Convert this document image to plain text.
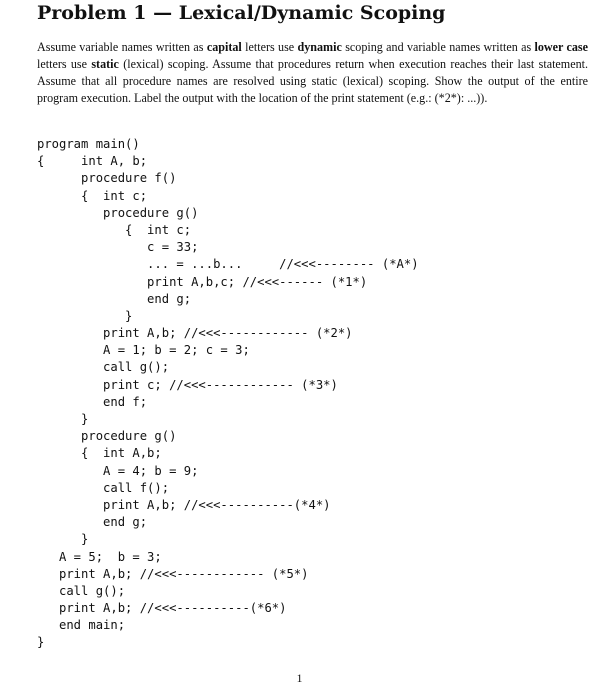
Problem 1 — Lexical/Dynamic Scoping

Assume variable names written as capital letters use dynamic scoping and variable names written as lower case letters use static (lexical) scoping. Assume that procedures return when execution reaches their last statement. Assume that all procedure names are resolved using static (lexical) scoping. Show the output of the entire program execution. Label the output with the location of the print statement (e.g.: (*2*): ...)).

program main()
{     int A, b;
procedure f()
{  int c;
procedure g()
{  int c;
c = 33;
... = ...b...     //<<<-------- (*A*)
print A,b,c; //<<<------ (*1*)
end g;
}
print A,b; //<<<------------ (*2*)
A = 1; b = 2; c = 3;
call g();
print c; //<<<------------ (*3*)
end f;
}
procedure g()
{  int A,b;
A = 4; b = 9;
call f();
print A,b; //<<<----------(*4*)
end g;
}
A = 5;  b = 3;
print A,b; //<<<------------ (*5*)
call g();
print A,b; //<<<----------(*6*)
end main;
}
1
